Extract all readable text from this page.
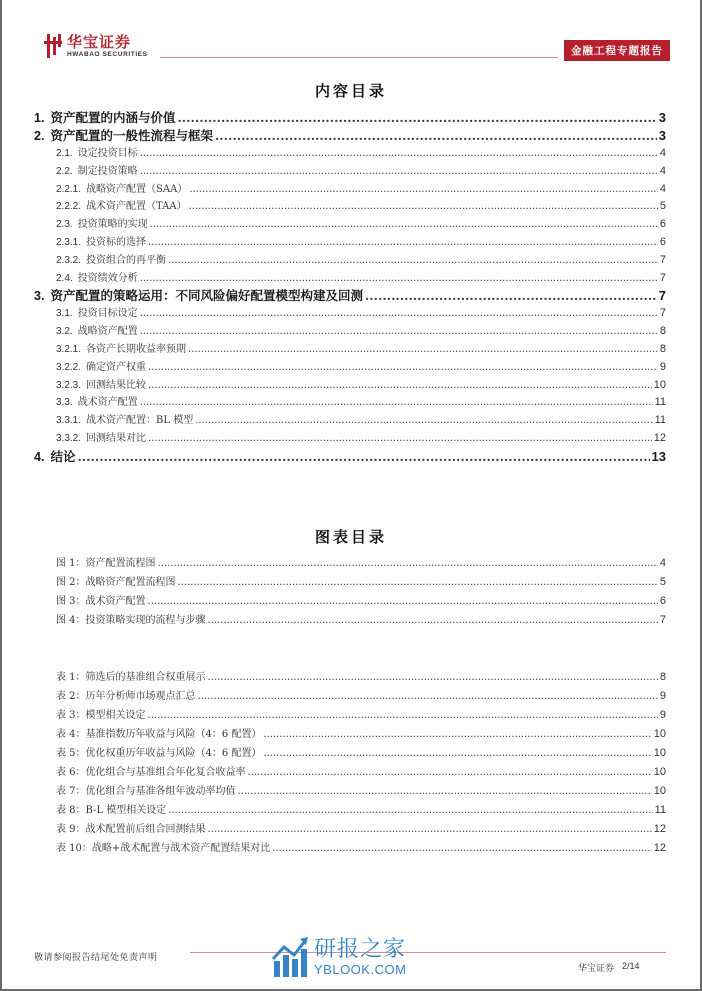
华宝证券
HWABAO SECURITIES	金融工程专题报告
内容目录
1. 资产配置的内涵与价值 .....	3
2. 资产配置的一般性流程与框架 .....	3
2.1. 设定投资目标 .....	4
2.2. 制定投资策略 .....	4
2.2.1. 战略资产配置（SAA） .....	4
2.2.2. 战术资产配置（TAA） .....	5
2.3. 投资策略的实现 .....	6
2.3.1. 投资标的选择 .....	6
2.3.2. 投资组合的再平衡 .....	7
2.4. 投资绩效分析 .....	7
3. 资产配置的策略运用：不同风险偏好配置模型构建及回测 .....	7
3.1. 投资目标设定 .....	7
3.2. 战略资产配置 .....	8
3.2.1. 各资产长期收益率预期 .....	8
3.2.2. 确定资产权重 .....	9
3.2.3. 回测结果比较 .....	10
3.3. 战术资产配置 .....	11
3.3.1. 战术资产配置：BL 模型 .....	11
3.3.2. 回测结果对比 .....	12
4. 结论 .....	13
图表目录
图 1：资产配置流程图 .....	4
图 2：战略资产配置流程图 .....	5
图 3：战术资产配置 .....	6
图 4：投资策略实现的流程与步骤 .....	7
表 1：筛选后的基准组合权重展示 .....	8
表 2：历年分析师市场观点汇总 .....	9
表 3：模型相关设定 .....	9
表 4：基准指数历年收益与风险（4：6 配置） .....	10
表 5：优化权重历年收益与风险（4：6 配置） .....	10
表 6：优化组合与基准组合年化复合收益率 .....	10
表 7：优化组合与基准各组年波动率均值 .....	10
表 8：B-L 模型相关设定 .....	11
表 9：战术配置前后组合回测结果 .....	12
表 10：战略+战术配置与战术资产配置结果对比 .....	12
敬请参阅报告结尾处免责声明
华宝证券 2/14
研报之家
YBLOOK.COM
